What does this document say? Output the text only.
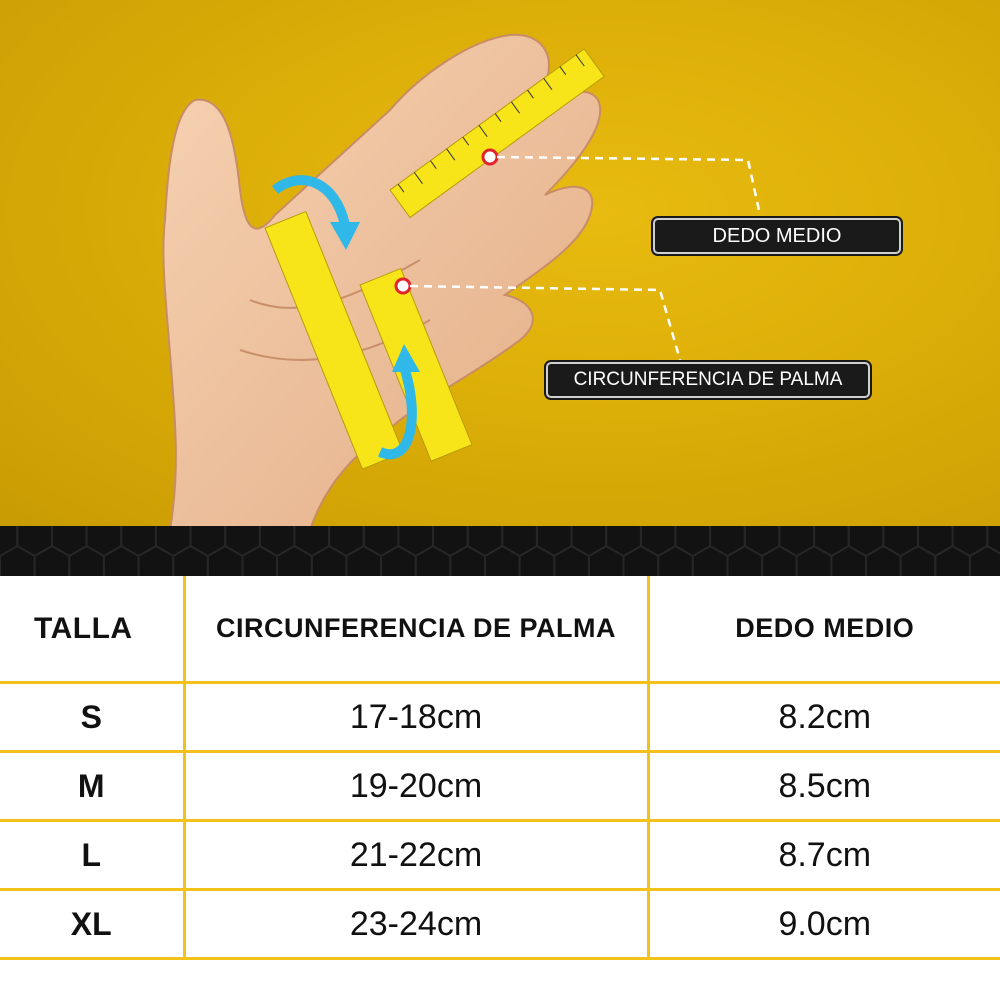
DEDO MEDIO
CIRCUNFERENCIA DE PALMA
TALLA	CIRCUNFERENCIA DE PALMA	DEDO MEDIO
S	17-18cm	8.2cm
M	19-20cm	8.5cm
L	21-22cm	8.7cm
XL	23-24cm	9.0cm
